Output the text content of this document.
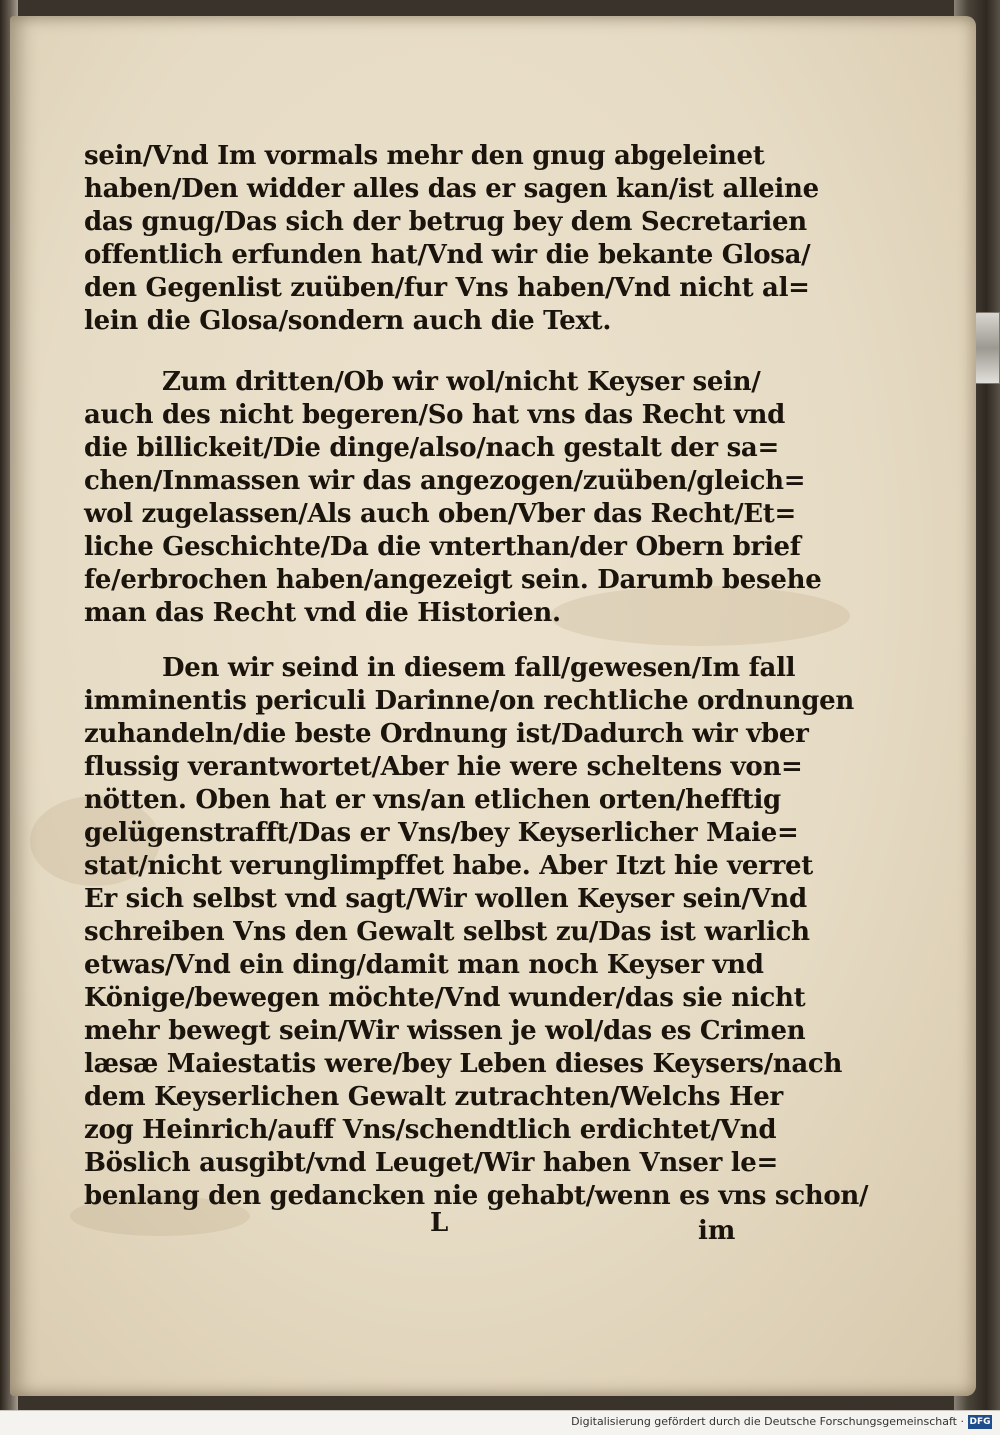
sein/Vnd Im vormals mehr den gnug abgeleinet
haben/Den widder alles das er sagen kan/ist alleine
das gnug/Das sich der betrug bey dem Secretarien
offentlich erfunden hat/Vnd wir die bekante Glosa/
den Gegenlist zuüben/fur Vns haben/Vnd nicht al=
lein die Glosa/sondern auch die Text.
Zum dritten/Ob wir wol/nicht Keyser sein/
auch des nicht begeren/So hat vns das Recht vnd
die billickeit/Die dinge/also/nach gestalt der sa=
chen/Inmassen wir das angezogen/zuüben/gleich=
wol zugelassen/Als auch oben/Vber das Recht/Et=
liche Geschichte/Da die vnterthan/der Obern brief
fe/erbrochen haben/angezeigt sein. Darumb besehe
man das Recht vnd die Historien.
Den wir seind in diesem fall/gewesen/Im fall
imminentis periculi Darinne/on rechtliche ordnungen
zuhandeln/die beste Ordnung ist/Dadurch wir vber
flussig verantwortet/Aber hie were scheltens von=
nötten. Oben hat er vns/an etlichen orten/hefftig
gelügenstrafft/Das er Vns/bey Keyserlicher Maie=
stat/nicht verunglimpffet habe. Aber Itzt hie verret
Er sich selbst vnd sagt/Wir wollen Keyser sein/Vnd
schreiben Vns den Gewalt selbst zu/Das ist warlich
etwas/Vnd ein ding/damit man noch Keyser vnd
Könige/bewegen möchte/Vnd wunder/das sie nicht
mehr bewegt sein/Wir wissen je wol/das es Crimen
læsæ Maiestatis were/bey Leben dieses Keysers/nach
dem Keyserlichen Gewalt zutrachten/Welchs Her
zog Heinrich/auff Vns/schendtlich erdichtet/Vnd
Böslich ausgibt/vnd Leuget/Wir haben Vnser le=
benlang den gedancken nie gehabt/wenn es vns schon/
L	im
Digitalisierung gefördert durch die Deutsche Forschungsgemeinschaft · DFG
